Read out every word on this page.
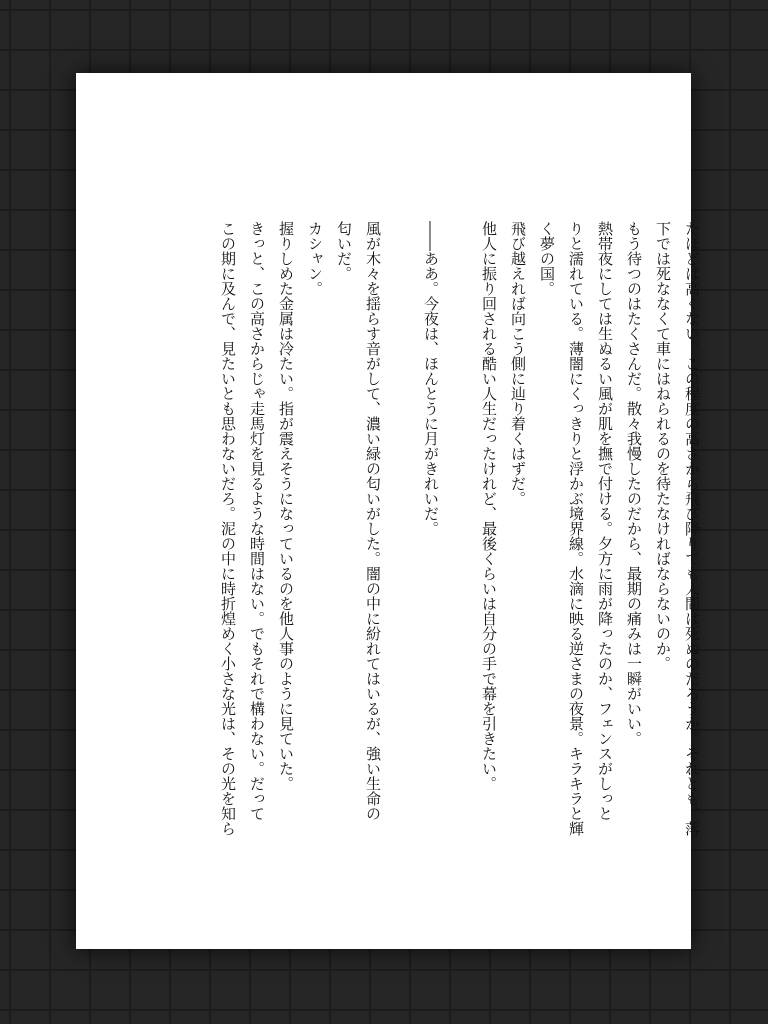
たほどは高くない。この程度の高さから飛び降りても人間は死ぬのだろうか。それとも、落
下では死ななくて車にはねられるのを待たなければならないのか。
もう待つのはたくさんだ。散々我慢したのだから、最期の痛みは一瞬がいい。
熱帯夜にしては生ぬるい風が肌を撫で付ける。夕方に雨が降ったのか、フェンスがしっと
りと濡れている。薄闇にくっきりと浮かぶ境界線。水滴に映る逆さまの夜景。キラキラと輝
く夢の国。
飛び越えれば向こう側に辿り着くはずだ。
他人に振り回される酷い人生だったけれど、最後くらいは自分の手で幕を引きたい。
――ああ。今夜は、ほんとうに月がきれいだ。
風が木々を揺らす音がして、濃い緑の匂いがした。闇の中に紛れてはいるが、強い生命の
匂いだ。
カシャン。
握りしめた金属は冷たい。指が震えそうになっているのを他人事のように見ていた。
きっと、この高さからじゃ走馬灯を見るような時間はない。でもそれで構わない。だって
この期に及んで、見たいとも思わないだろ。泥の中に時折煌めく小さな光は、その光を知ら
6
